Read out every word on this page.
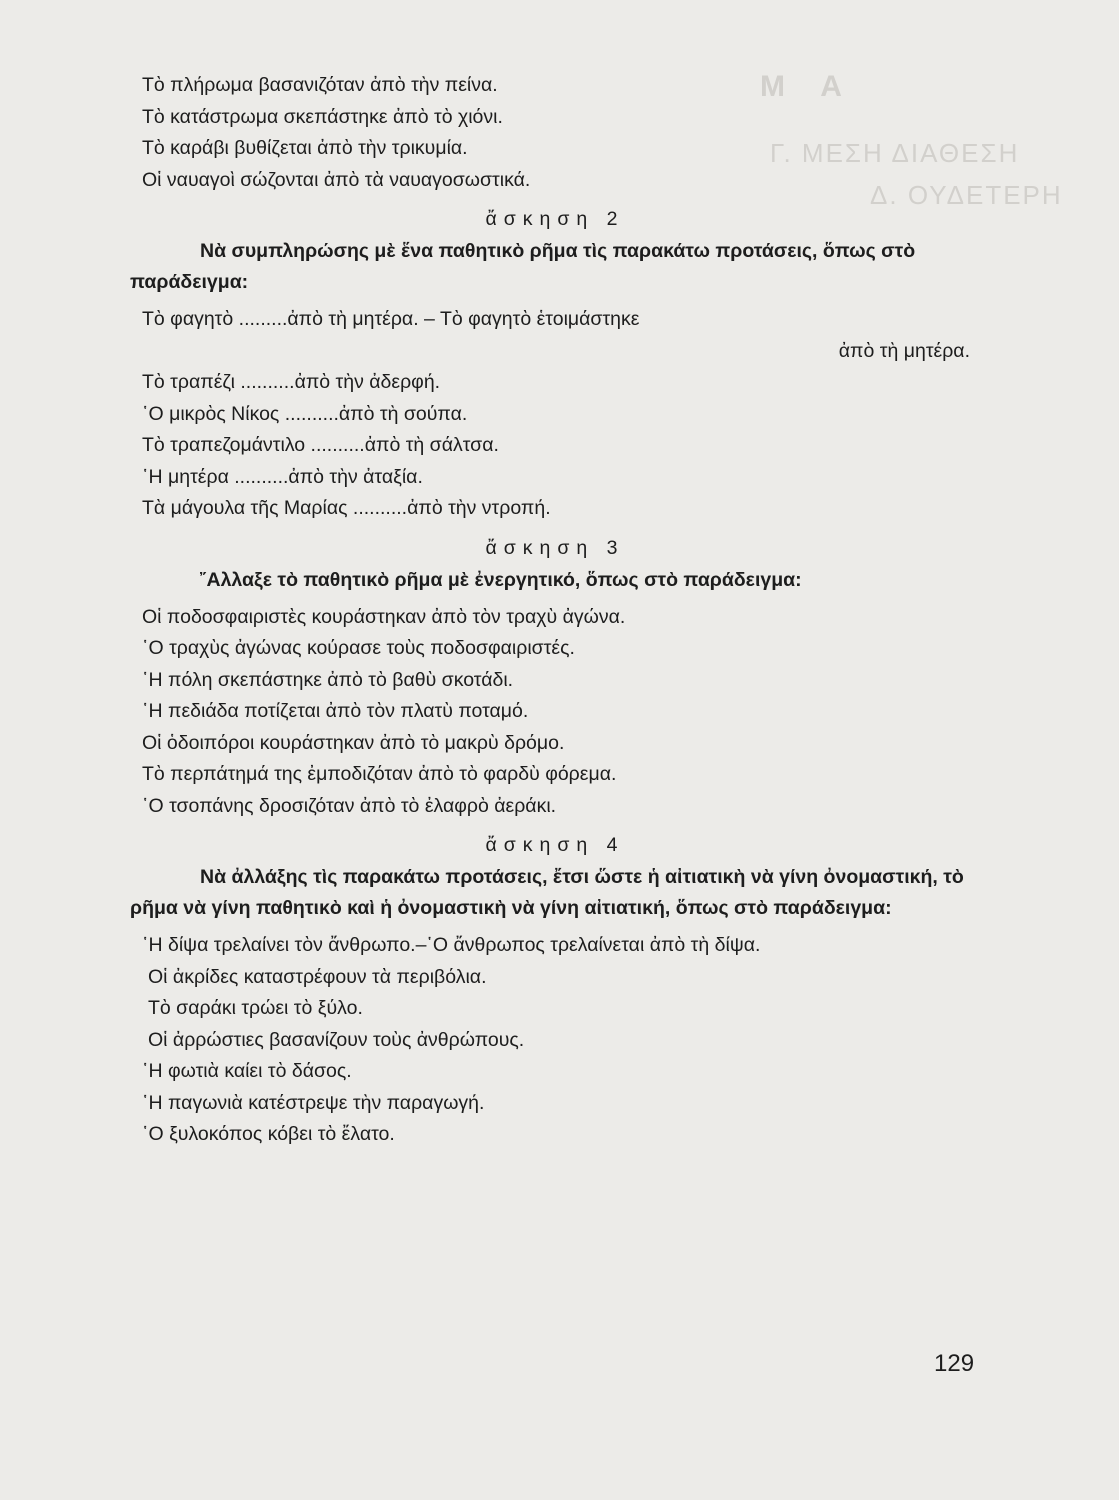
Μ Α
Γ. ΜΕΣΗ ΔΙΑΘΕΣΗ
Δ. ΟΥΔΕΤΕΡΗ
Τὸ πλήρωμα βασανιζόταν ἀπὸ τὴν πείνα.
Τὸ κατάστρωμα σκεπάστηκε ἀπὸ τὸ χιόνι.
Τὸ καράβι βυθίζεται ἀπὸ τὴν τρικυμία.
Οἱ ναυαγοὶ σώζονται ἀπὸ τὰ ναυαγοσωστικά.
ἄσκηση 2
Νὰ συμπληρώσης μὲ ἕνα παθητικὸ ρῆμα τὶς παρακάτω προτάσεις, ὅπως στὸ παράδειγμα:
Τὸ φαγητὸ .........ἀπὸ τὴ μητέρα. – Τὸ φαγητὸ ἑτοιμάστηκε
ἀπὸ τὴ μητέρα.
Τὸ τραπέζι ..........ἀπὸ τὴν ἀδερφή.
῾Ο μικρὸς Νίκος ..........ἀπὸ τὴ σούπα.
Τὸ τραπεζομάντιλο ..........ἀπὸ τὴ σάλτσα.
῾Η μητέρα ..........ἀπὸ τὴν ἀταξία.
Τὰ μάγουλα τῆς Μαρίας ..........ἀπὸ τὴν ντροπή.
ἄσκηση 3
῎Αλλαξε τὸ παθητικὸ ρῆμα μὲ ἐνεργητικό, ὅπως στὸ παράδειγμα:
Οἱ ποδοσφαιριστὲς κουράστηκαν ἀπὸ τὸν τραχὺ ἀγώνα.
῾Ο τραχὺς ἀγώνας κούρασε τοὺς ποδοσφαιριστές.
῾Η πόλη σκεπάστηκε ἀπὸ τὸ βαθὺ σκοτάδι.
῾Η πεδιάδα ποτίζεται ἀπὸ τὸν πλατὺ ποταμό.
Οἱ ὁδοιπόροι κουράστηκαν ἀπὸ τὸ μακρὺ δρόμο.
Τὸ περπάτημά της ἐμποδιζόταν ἀπὸ τὸ φαρδὺ φόρεμα.
῾Ο τσοπάνης δροσιζόταν ἀπὸ τὸ ἐλαφρὸ ἀεράκι.
ἄσκηση 4
Νὰ ἀλλάξης τὶς παρακάτω προτάσεις, ἔτσι ὥστε ἡ αἰτιατικὴ νὰ γίνη ὀνομαστική, τὸ ρῆμα νὰ γίνη παθητικὸ καὶ ἡ ὀνομαστικὴ νὰ γίνη αἰτιατική, ὅπως στὸ παράδειγμα:
῾Η δίψα τρελαίνει τὸν ἄνθρωπο.–῾Ο ἄνθρωπος τρελαίνεται ἀπὸ τὴ δίψα.
Οἱ ἀκρίδες καταστρέφουν τὰ περιβόλια.
Τὸ σαράκι τρώει τὸ ξύλο.
Οἱ ἀρρώστιες βασανίζουν τοὺς ἀνθρώπους.
῾Η φωτιὰ καίει τὸ δάσος.
῾Η παγωνιὰ κατέστρεψε τὴν παραγωγή.
῾Ο ξυλοκόπος κόβει τὸ ἔλατο.
129
